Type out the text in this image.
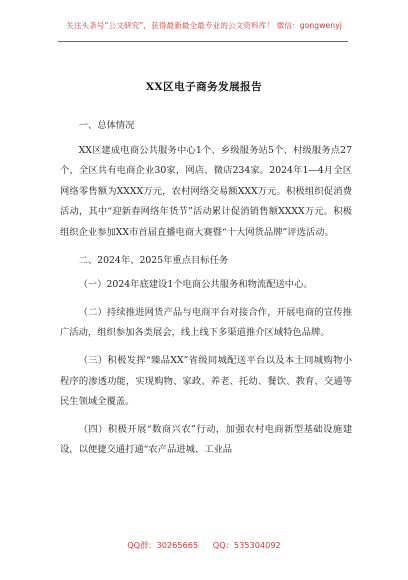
关注头条号“公文研究”，获得最新最全最专业的公文资料库！ 微信：gongwenyj
XX区电子商务发展报告

一、总体情况

XX区建成电商公共服务中心1个、乡级服务站5个、村级服务点27个，全区共有电商企业30家，网店、微店234家。2024年1—4月全区网络零售额为XXXX万元，农村网络交易额XXX万元。积极组织促消费活动，其中“迎新春网络年货节”活动累计促消销售额XXXX万元。积极组织企业参加XX市首届直播电商大赛暨“十大网货品牌”评选活动。

二、2024年、2025年重点目标任务

（一）2024年底建设1个电商公共服务和物流配送中心。

（二）持续推进网货产品与电商平台对接合作，开展电商的宣传推广活动，组织参加各类展会，线上线下多渠道推介区域特色品牌。

（三）积极发挥“臻品XX”省级同城配送平台以及本土同城购物小程序的渗透功能，实现购物、家政、养老、托幼、餐饮、教育、交通等民生领域全覆盖。

（四）积极开展“数商兴农”行动，加强农村电商新型基础设施建设，以便捷交通打通“农产品进城、工业品

QQ群：30265665 QQ：535304092
